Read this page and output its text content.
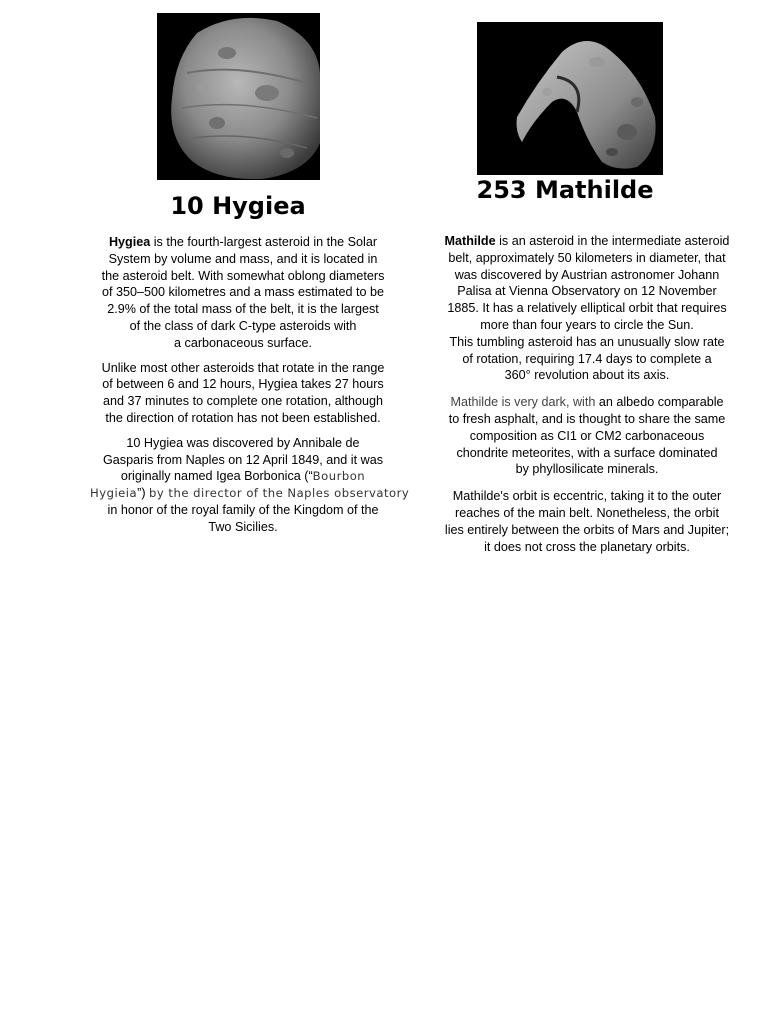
10 Hygiea

Hygiea is the fourth-largest asteroid in the Solar
System by volume and mass, and it is located in
the asteroid belt. With somewhat oblong diameters
of 350–500 kilometres and a mass estimated to be
2.9% of the total mass of the belt, it is the largest
of the class of dark C-type asteroids with
a carbonaceous surface.

Unlike most other asteroids that rotate in the range
of between 6 and 12 hours, Hygiea takes 27 hours
and 37 minutes to complete one rotation, although
the direction of rotation has not been established.

10 Hygiea was discovered by Annibale de
Gasparis from Naples on 12 April 1849, and it was
originally named Igea Borbonica (“Bourbon
Hygieia”) by the director of the Naples observatory
in honor of the royal family of the Kingdom of the
Two Sicilies.

253 Mathilde

Mathilde is an asteroid in the intermediate asteroid
belt, approximately 50 kilometers in diameter, that
was discovered by Austrian astronomer Johann
Palisa at Vienna Observatory on 12 November
1885. It has a relatively elliptical orbit that requires
more than four years to circle the Sun.
This tumbling asteroid has an unusually slow rate
of rotation, requiring 17.4 days to complete a
360° revolution about its axis.

Mathilde is very dark, with an albedo comparable
to fresh asphalt, and is thought to share the same
composition as CI1 or CM2 carbonaceous
chondrite meteorites, with a surface dominated
by phyllosilicate minerals.

Mathilde's orbit is eccentric, taking it to the outer
reaches of the main belt. Nonetheless, the orbit
lies entirely between the orbits of Mars and Jupiter;
it does not cross the planetary orbits.
